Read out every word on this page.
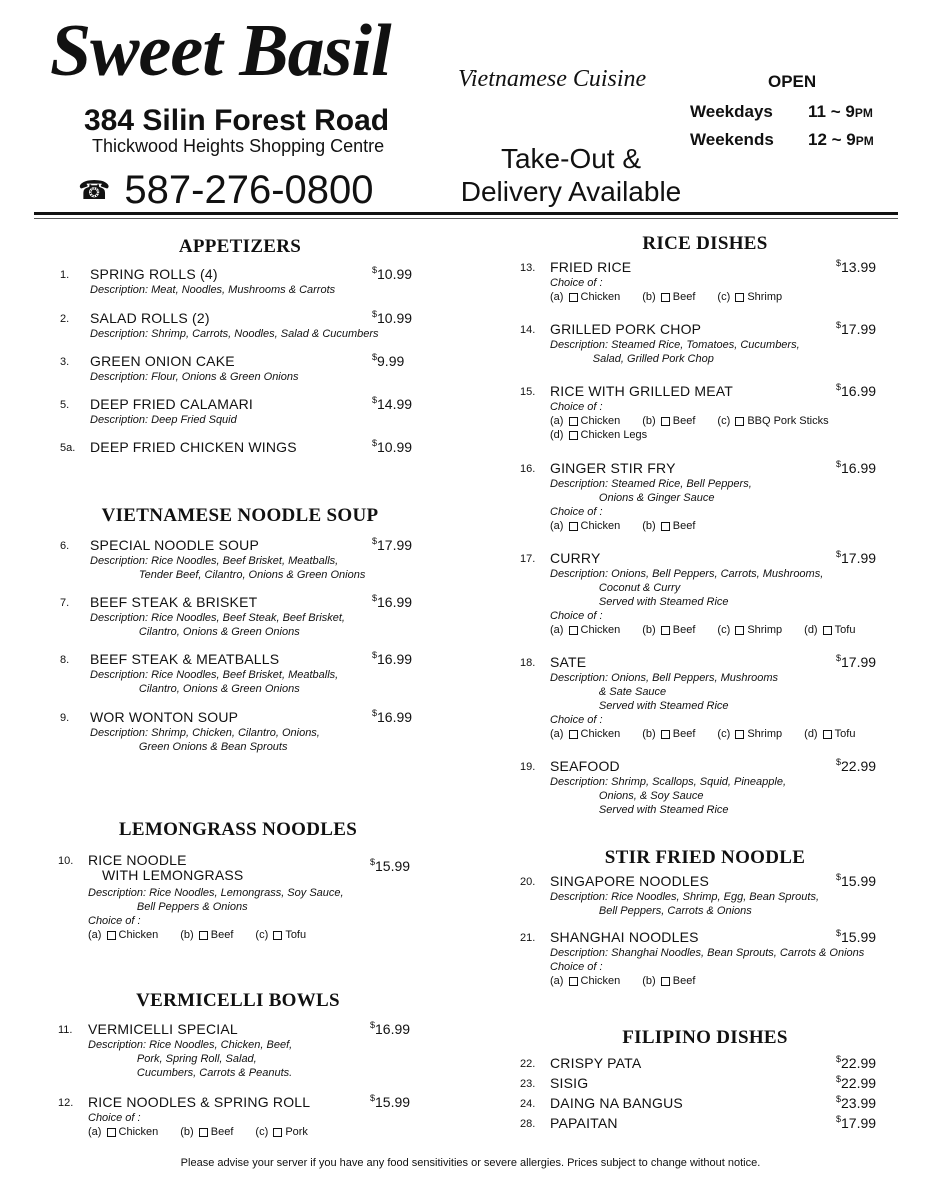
Sweet Basil	Vietnamese Cuisine
384 Silin Forest Road
Thickwood Heights Shopping Centre
☎ 587-276-0800
Take-Out &
Delivery Available
OPEN
Weekdays	11 ~ 9PM
Weekends	12 ~ 9PM
APPETIZERS
1.	SPRING ROLLS (4)	$10.99
Description: Meat, Noodles, Mushrooms & Carrots
2.	SALAD ROLLS (2)	$10.99
Description: Shrimp, Carrots, Noodles, Salad & Cucumbers
3.	GREEN ONION CAKE	$9.99
Description: Flour, Onions & Green Onions
5.	DEEP FRIED CALAMARI	$14.99
Description: Deep Fried Squid
5a.	DEEP FRIED CHICKEN WINGS	$10.99
VIETNAMESE NOODLE SOUP
6.	SPECIAL NOODLE SOUP	$17.99
Description: Rice Noodles, Beef Brisket, Meatballs,
Tender Beef, Cilantro, Onions & Green Onions
7.	BEEF STEAK & BRISKET	$16.99
Description: Rice Noodles, Beef Steak, Beef Brisket,
Cilantro, Onions & Green Onions
8.	BEEF STEAK & MEATBALLS	$16.99
Description: Rice Noodles, Beef Brisket, Meatballs,
Cilantro, Onions & Green Onions
9.	WOR WONTON SOUP	$16.99
Description: Shrimp, Chicken, Cilantro, Onions,
Green Onions & Bean Sprouts
LEMONGRASS NOODLES
10.	RICE NOODLE
WITH LEMONGRASS
$15.99
Description: Rice Noodles, Lemongrass, Soy Sauce,
Bell Peppers & Onions
Choice of :
(a) Chicken (b) Beef (c) Tofu
VERMICELLI BOWLS
11.	VERMICELLI SPECIAL	$16.99
Description: Rice Noodles, Chicken, Beef,
Pork, Spring Roll, Salad,
Cucumbers, Carrots & Peanuts.
12.	RICE NOODLES & SPRING ROLL	$15.99
Choice of :
(a) Chicken (b) Beef (c) Pork
RICE DISHES
13.	FRIED RICE	$13.99
Choice of :
(a) Chicken (b) Beef (c) Shrimp
14.	GRILLED PORK CHOP	$17.99
Description: Steamed Rice, Tomatoes, Cucumbers,
Salad, Grilled Pork Chop
15.	RICE WITH GRILLED MEAT	$16.99
Choice of :
(a) Chicken (b) Beef (c) BBQ Pork Sticks
(d) Chicken Legs
16.	GINGER STIR FRY	$16.99
Description: Steamed Rice, Bell Peppers,
Onions & Ginger Sauce
Choice of :
(a) Chicken (b) Beef
17.	CURRY	$17.99
Description: Onions, Bell Peppers, Carrots, Mushrooms,
Coconut & Curry
Served with Steamed Rice
Choice of :
(a) Chicken (b) Beef (c) Shrimp (d) Tofu
18.	SATE	$17.99
Description: Onions, Bell Peppers, Mushrooms
& Sate Sauce
Served with Steamed Rice
Choice of :
(a) Chicken (b) Beef (c) Shrimp (d) Tofu
19.	SEAFOOD	$22.99
Description: Shrimp, Scallops, Squid, Pineapple,
Onions, & Soy Sauce
Served with Steamed Rice
STIR FRIED NOODLE
20.	SINGAPORE NOODLES	$15.99
Description: Rice Noodles, Shrimp, Egg, Bean Sprouts,
Bell Peppers, Carrots & Onions
21.	SHANGHAI NOODLES	$15.99
Description: Shanghai Noodles, Bean Sprouts, Carrots & Onions
Choice of :
(a) Chicken (b) Beef
FILIPINO DISHES
22.	CRISPY PATA	$22.99
23.	SISIG	$22.99
24.	DAING NA BANGUS	$23.99
28.	PAPAITAN	$17.99
Please advise your server if you have any food sensitivities or severe allergies. Prices subject to change without notice.
